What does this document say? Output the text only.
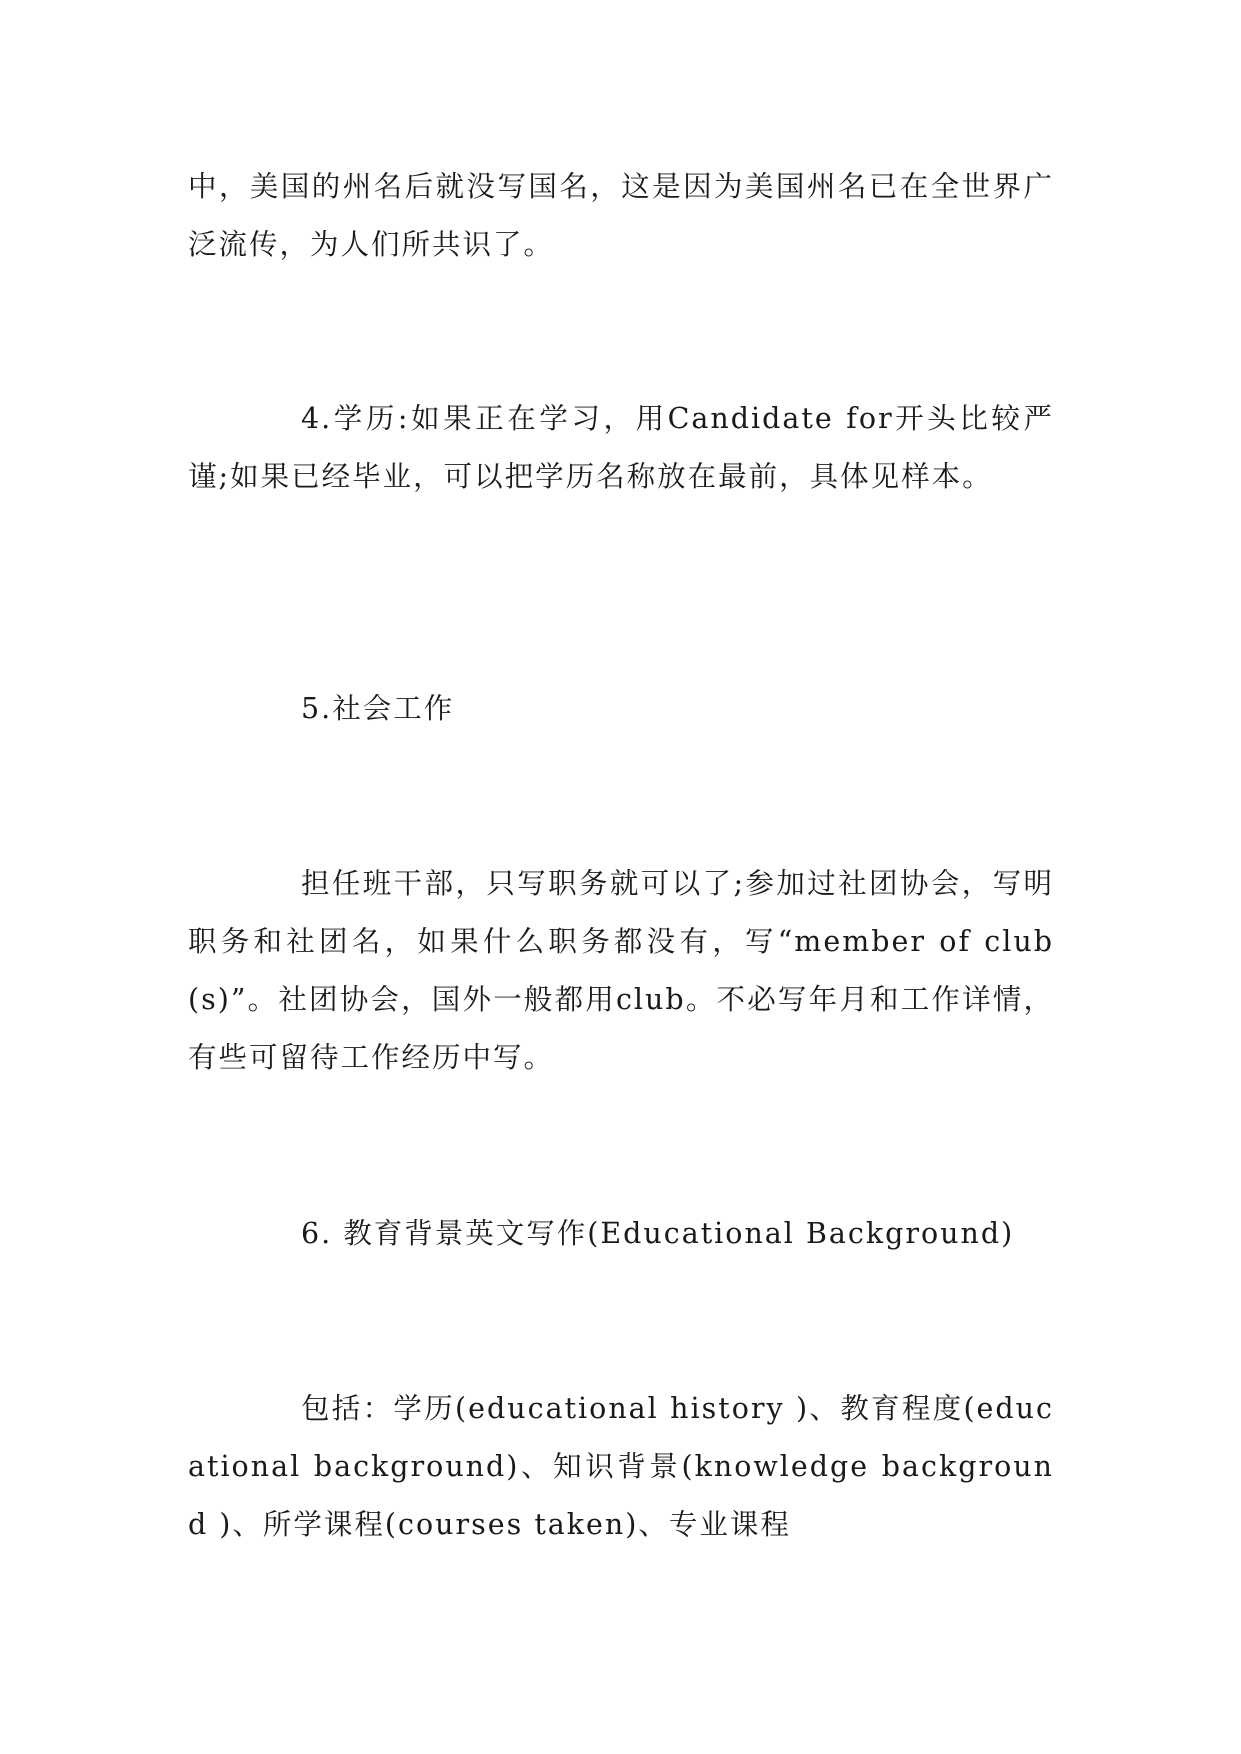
中，美国的州名后就没写国名，这是因为美国州名已在全世界广泛流传，为人们所共识了。

4.学历:如果正在学习，用Candidate for开头比较严谨;如果已经毕业，可以把学历名称放在最前，具体见样本。

5.社会工作

担任班干部，只写职务就可以了;参加过社团协会，写明职务和社团名，如果什么职务都没有，写“member of club(s)”。社团协会，国外一般都用club。不必写年月和工作详情，有些可留待工作经历中写。

6. 教育背景英文写作(Educational Background)

包括：学历(educational history )、教育程度(educational background)、知识背景(knowledge background )、所学课程(courses taken)、专业课程
